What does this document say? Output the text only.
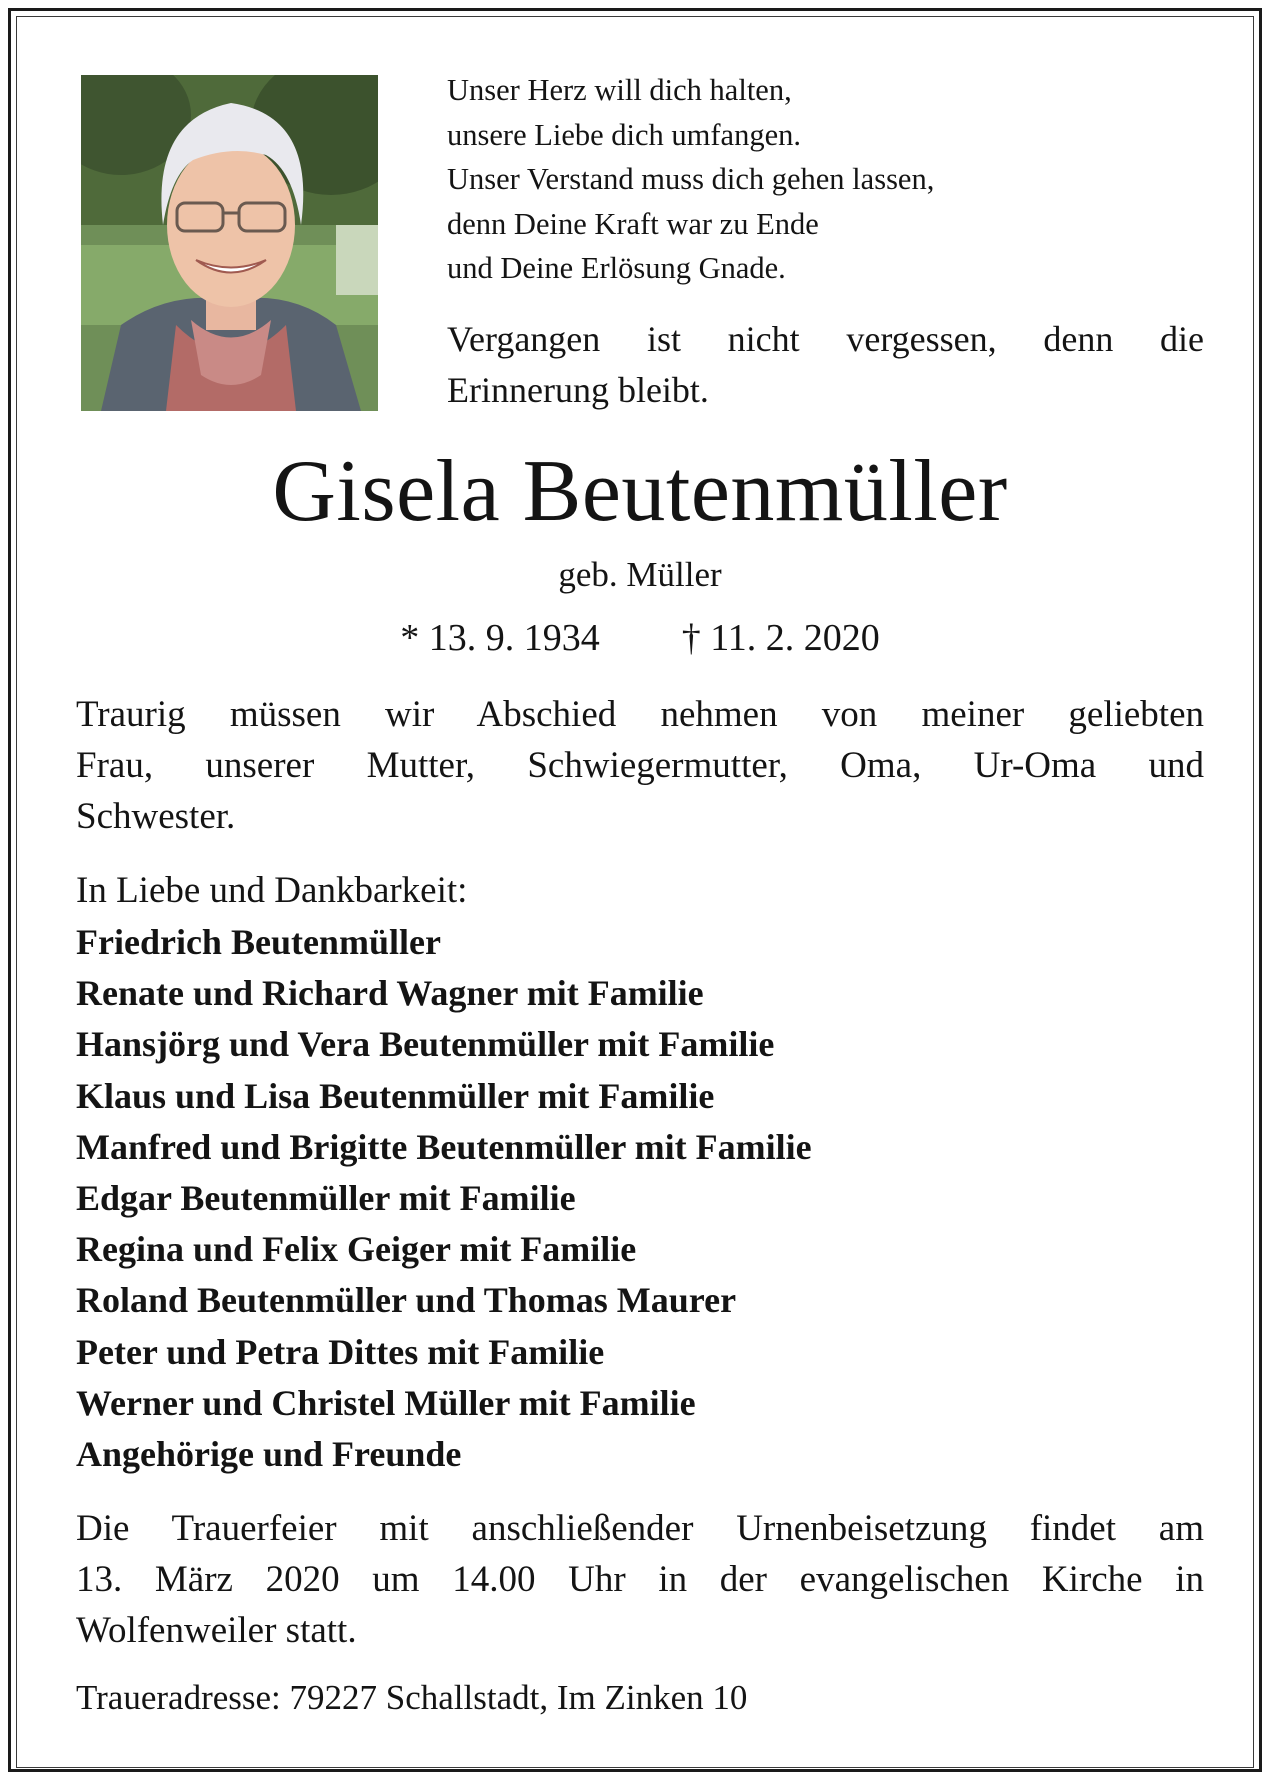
Unser Herz will dich halten,
unsere Liebe dich umfangen.
Unser Verstand muss dich gehen lassen,
denn Deine Kraft war zu Ende
und Deine Erlösung Gnade.
Vergangen ist nicht vergessen, denn die
Erinnerung bleibt.
Gisela Beutenmüller
geb. Müller
* 13. 9. 1934 † 11. 2. 2020
Traurig müssen wir Abschied nehmen von meiner geliebten
Frau, unserer Mutter, Schwiegermutter, Oma, Ur-Oma und
Schwester.
In Liebe und Dankbarkeit:
Friedrich Beutenmüller
Renate und Richard Wagner mit Familie
Hansjörg und Vera Beutenmüller mit Familie
Klaus und Lisa Beutenmüller mit Familie
Manfred und Brigitte Beutenmüller mit Familie
Edgar Beutenmüller mit Familie
Regina und Felix Geiger mit Familie
Roland Beutenmüller und Thomas Maurer
Peter und Petra Dittes mit Familie
Werner und Christel Müller mit Familie
Angehörige und Freunde
Die Trauerfeier mit anschließender Urnenbeisetzung findet am
13. März 2020 um 14.00 Uhr in der evangelischen Kirche in
Wolfenweiler statt.
Traueradresse: 79227 Schallstadt, Im Zinken 10
